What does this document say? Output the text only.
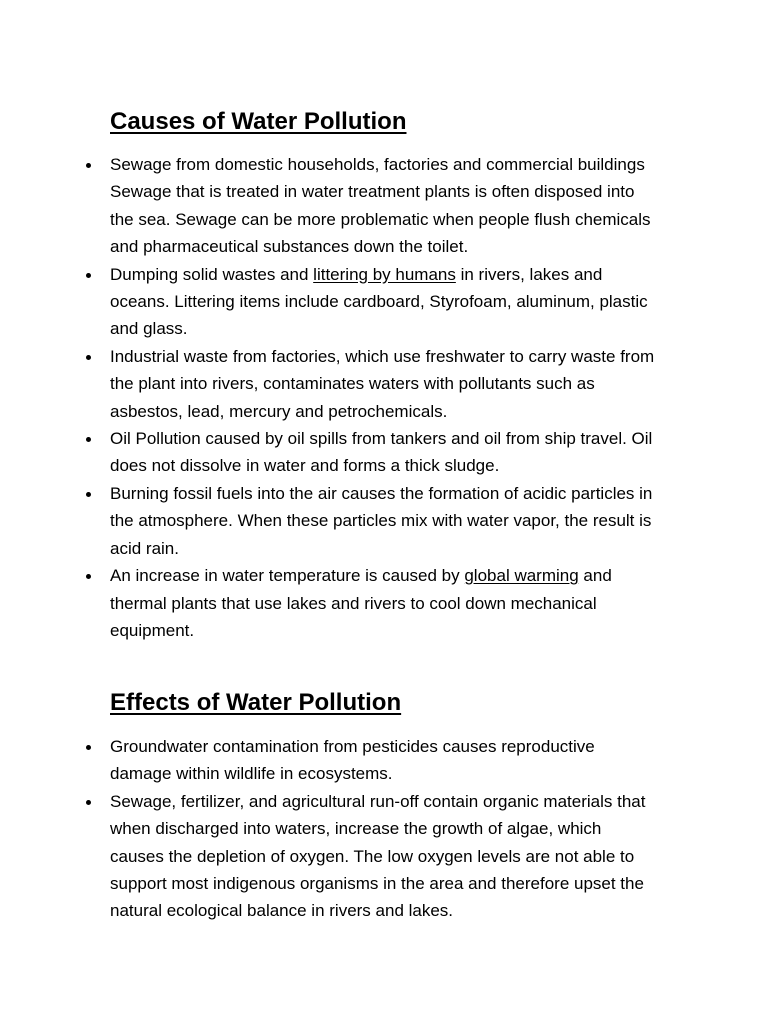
Causes of Water Pollution
Sewage from domestic households, factories and commercial buildings Sewage that is treated in water treatment plants is often disposed into the sea. Sewage can be more problematic when people flush chemicals and pharmaceutical substances down the toilet.
Dumping solid wastes and littering by humans in rivers, lakes and oceans. Littering items include cardboard, Styrofoam, aluminum, plastic and glass.
Industrial waste from factories, which use freshwater to carry waste from the plant into rivers, contaminates waters with pollutants such as asbestos, lead, mercury and petrochemicals.
Oil Pollution caused by oil spills from tankers and oil from ship travel. Oil does not dissolve in water and forms a thick sludge.
Burning fossil fuels into the air causes the formation of acidic particles in the atmosphere. When these particles mix with water vapor, the result is acid rain.
An increase in water temperature is caused by global warming and thermal plants that use lakes and rivers to cool down mechanical equipment.
Effects of Water Pollution
Groundwater contamination from pesticides causes reproductive damage within wildlife in ecosystems.
Sewage, fertilizer, and agricultural run-off contain organic materials that when discharged into waters, increase the growth of algae, which causes the depletion of oxygen. The low oxygen levels are not able to support most indigenous organisms in the area and therefore upset the natural ecological balance in rivers and lakes.
